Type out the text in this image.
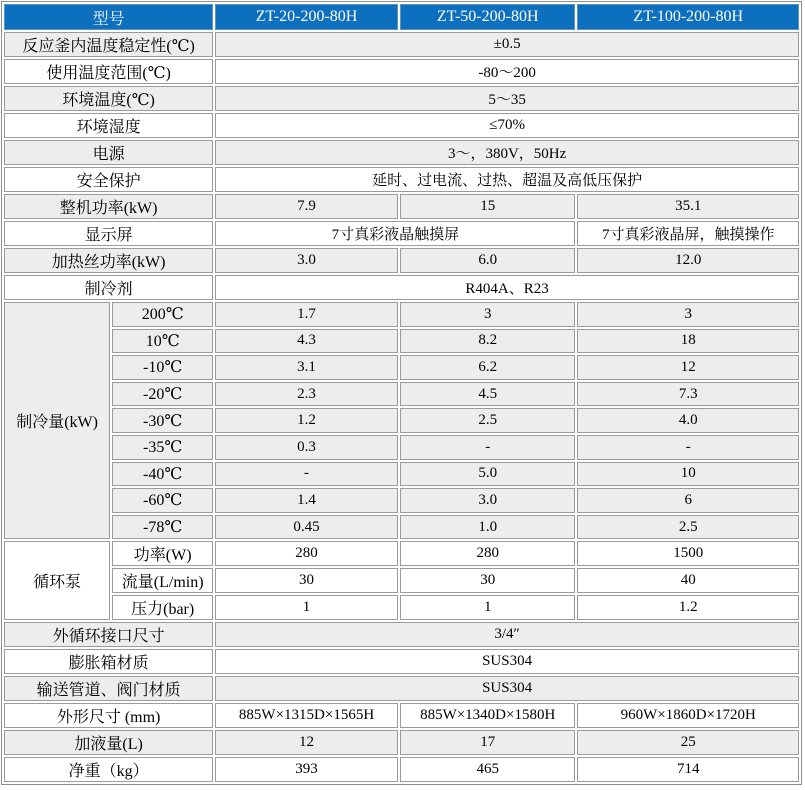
型号		ZT-20-200-80H	ZT-50-200-80H	ZT-100-200-80H
反应釜内温度稳定性(℃)		±0.5		
使用温度范围(℃)		-80～200		
环境温度(℃)		5～35		
环境湿度		≤70%		
电源		3～，380V，50Hz		
安全保护		延时、过电流、过热、超温及高低压保护		
整机功率(kW)		7.9	15	35.1
显示屏		7寸真彩液晶触摸屏		7寸真彩液晶屏，触摸操作
加热丝功率(kW)		3.0	6.0	12.0
制冷剂		R404A、R23		
制冷量(kW)	200℃	1.7	3	3
	10℃	4.3	8.2	18
	-10℃	3.1	6.2	12
	-20℃	2.3	4.5	7.3
	-30℃	1.2	2.5	4.0
	-35℃	0.3	-	-
	-40℃	-	5.0	10
	-60℃	1.4	3.0	6
	-78℃	0.45	1.0	2.5
循环泵	功率(W)	280	280	1500
	流量(L/min)	30	30	40
	压力(bar)	1	1	1.2
外循环接口尺寸		3/4″		
膨胀箱材质		SUS304		
输送管道、阀门材质		SUS304		
外形尺寸 (mm)		885W×1315D×1565H	885W×1340D×1580H	960W×1860D×1720H
加液量(L)		12	17	25
净重（kg）		393	465	714
